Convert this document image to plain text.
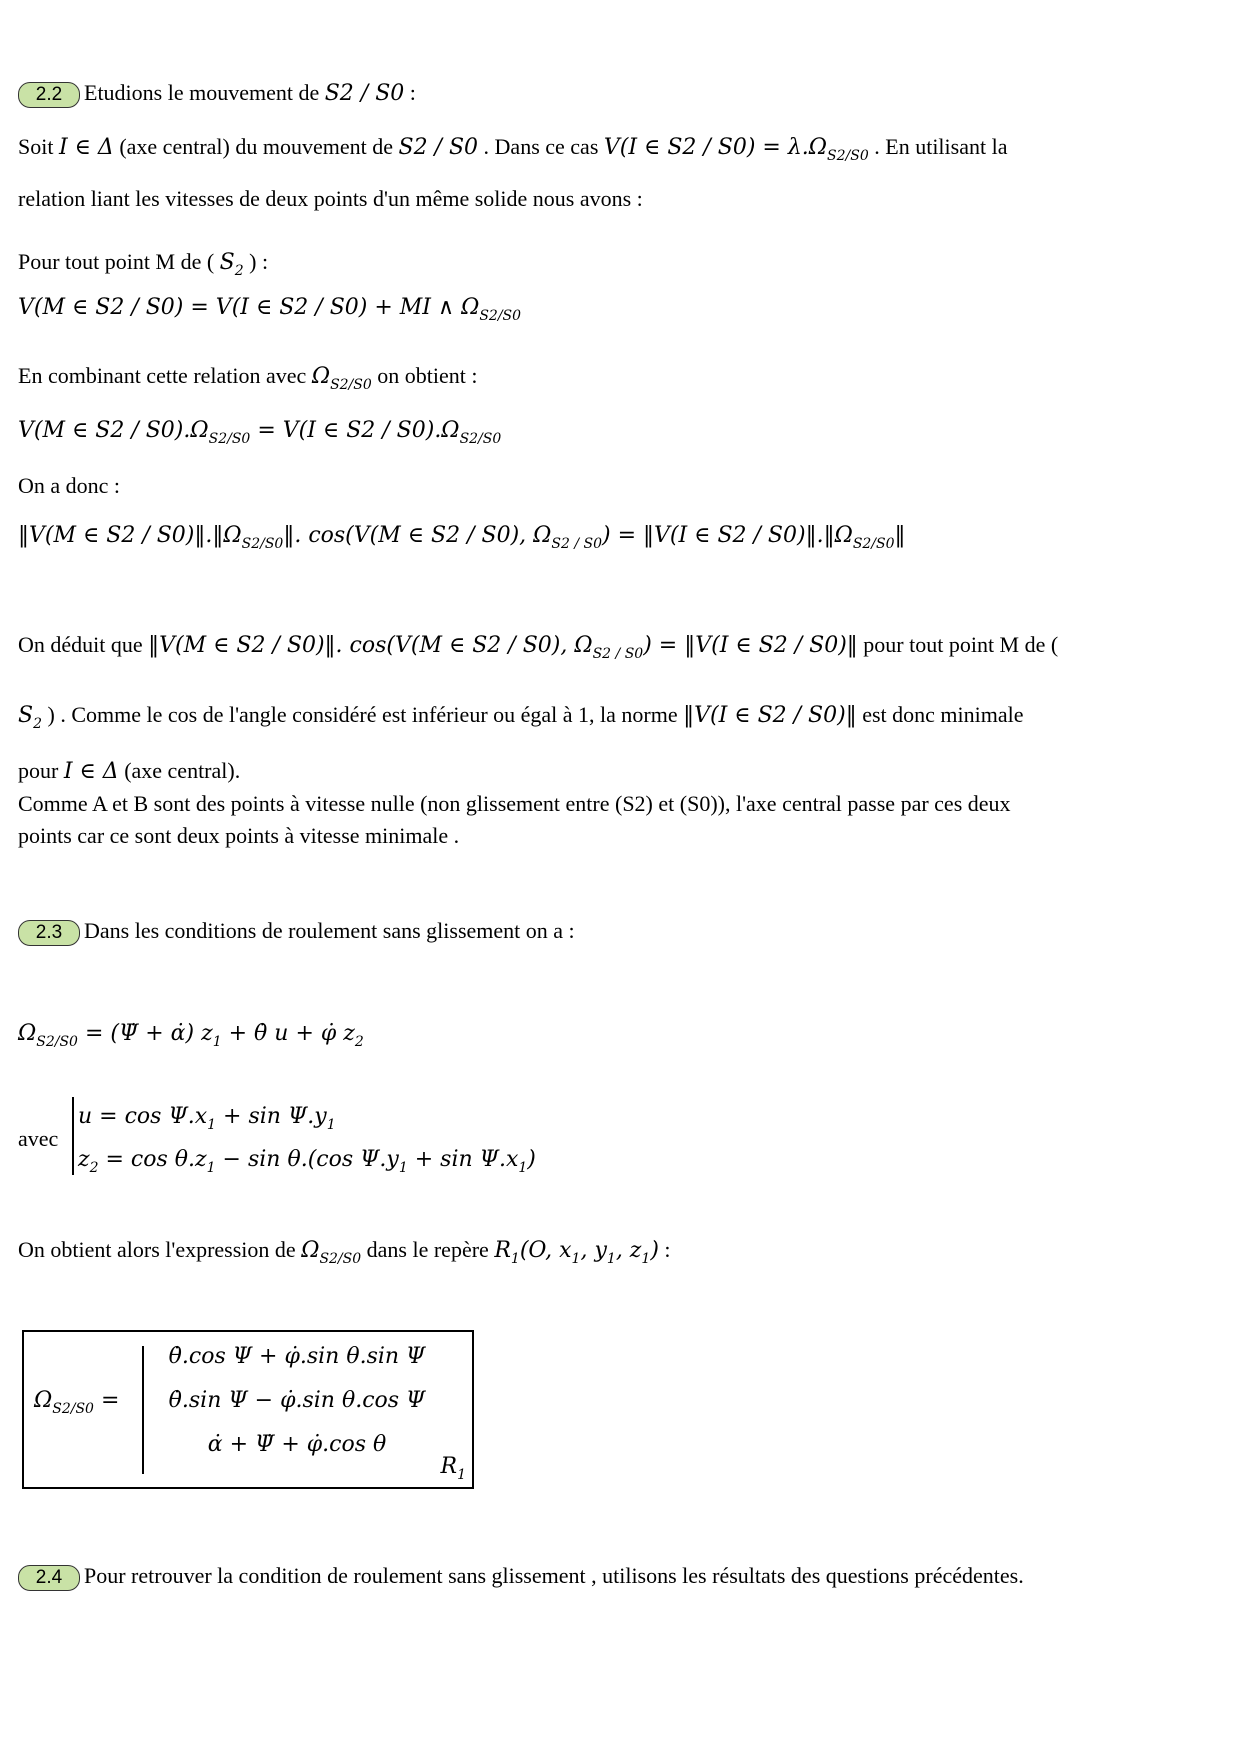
2.2 Etudions le mouvement de S2 / S0 :
Soit I ∈ Δ (axe central) du mouvement de S2 / S0 . Dans ce cas V(I ∈ $S2 / S0) = \lambda.\Omega_{S2/S0}$ . En utilisant la
relation liant les vitesses de deux points d'un même solide nous avons :
Pour tout point M de ( $S_2$ ) :
V(M ∈ S2 / S0) = V(I ∈ S2 / S0) + MI ∧ $\Omega_{S2/S0}$
En combinant cette relation avec $\Omega_{S2/S0}$ on obtient :
V(M ∈ $S2 / S0).\Omega_{S2/S0} = V(I$ ∈ $S2 / S0).\Omega_{S2/S0}$
On a donc :
‖V(M ∈ $S2 / S0)‖.‖\Omega_{S2/S0}‖$. cos(V(M ∈ S2 / S0), $\Omega_{S2 / S0}$) = ‖V(I ∈ $S2 / S0)‖.‖\Omega_{S2/S0}‖$
On déduit que ‖V(M ∈ S2 / S0)‖. cos(V(M ∈ S2 / S0), $\Omega_{S2 / S0}$) = ‖V(I ∈ S2 / S0)‖ pour tout point M de (
$S_2$ ) . Comme le cos de l'angle considéré est inférieur ou égal à 1, la norme ‖V(I ∈ S2 / S0)‖ est donc minimale
pour I ∈ Δ (axe central).
Comme A et B sont des points à vitesse nulle (non glissement entre (S2) et (S0)), l'axe central passe par ces deux
points car ce sont deux points à vitesse minimale .
2.3 Dans les conditions de roulement sans glissement on a :
$\Omega_{S2/S0}$ = (Ψ̇ + α̇) $z_1$ + θ̇ u + φ̇ $z_2$
avec
$u = \cos \Psi.x_1 + \sin \Psi.y_1$
$z_2 = \cos \theta.z_1 - \sin \theta.(\cos$ $\Psi.y_1 + \sin \Psi.x_1$)
On obtient alors l'expression de $\Omega_{S2/S0}$ dans le repère $R_1(O$, $x_1$, $y_1$, $z_1$) :
$\Omega_{S2/S0}$ =
θ̇.cos Ψ + φ̇.sin θ.sin Ψ
θ̇.sin Ψ − φ̇.sin θ.cos Ψ
α̇ + Ψ̇ + φ̇.cos θ
$R_1$
2.4 Pour retrouver la condition de roulement sans glissement , utilisons les résultats des questions précédentes.
